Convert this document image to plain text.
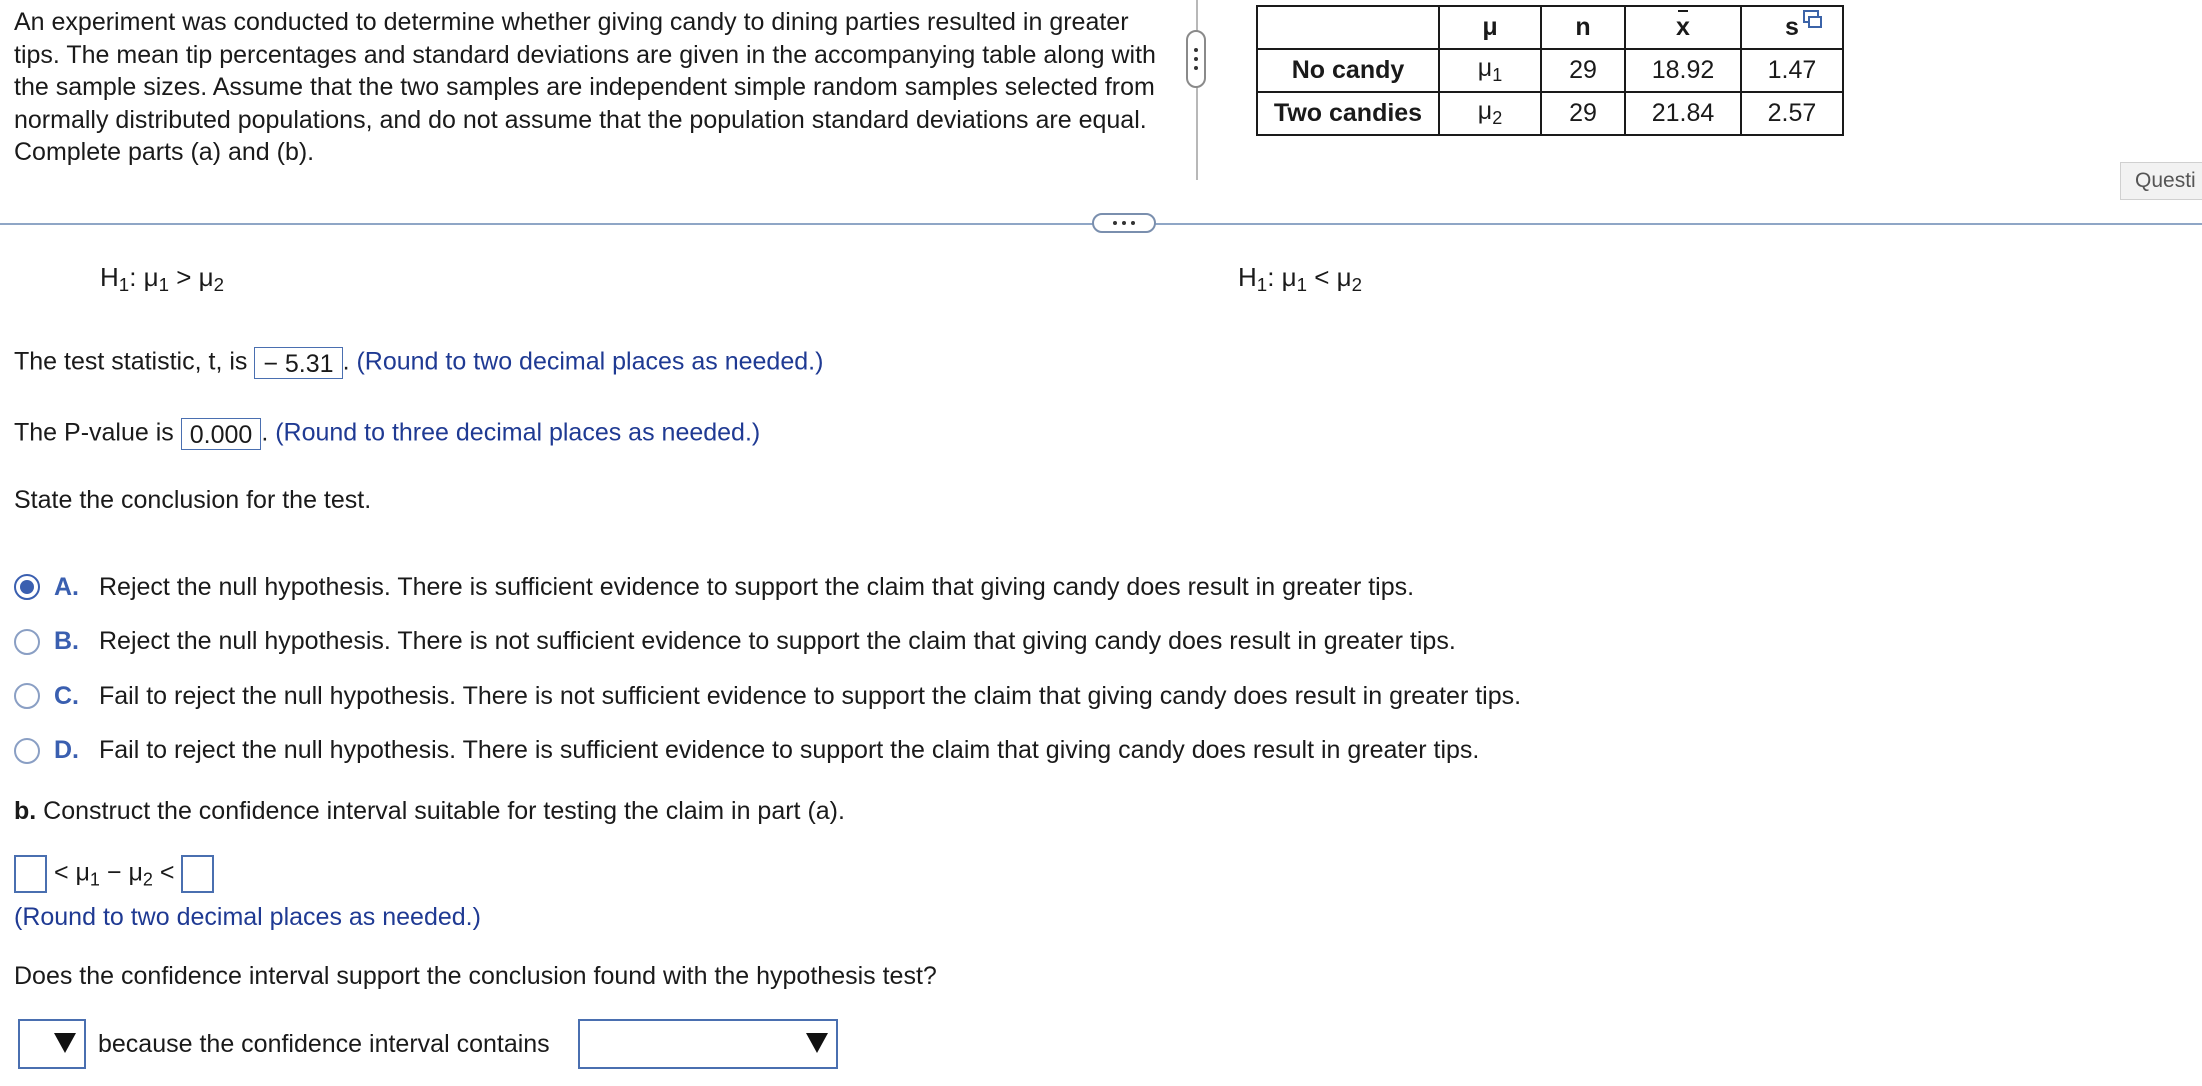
An experiment was conducted to determine whether giving candy to dining parties resulted in greater tips. The mean tip percentages and standard deviations are given in the accompanying table along with the sample sizes. Assume that the two samples are independent simple random samples selected from normally distributed populations, and do not assume that the population standard deviations are equal. Complete parts (a) and (b).
	μ	n	x	s
No candy	$\mu_1$	29	18.92	1.47
Two candies	$\mu_2$	29	21.84	2.57
Questi
$H_1$: $\mu_1 > \mu_2$	$H_1$: $\mu_1 < \mu_2$
The test statistic, t, is − 5.31 . (Round to two decimal places as needed.)
The P-value is 0.000 . (Round to three decimal places as needed.)
State the conclusion for the test.
A. Reject the null hypothesis. There is sufficient evidence to support the claim that giving candy does result in greater tips.
B. Reject the null hypothesis. There is not sufficient evidence to support the claim that giving candy does result in greater tips.
C. Fail to reject the null hypothesis. There is not sufficient evidence to support the claim that giving candy does result in greater tips.
D. Fail to reject the null hypothesis. There is sufficient evidence to support the claim that giving candy does result in greater tips.
b. Construct the confidence interval suitable for testing the claim in part (a).
< $\mu_1 - \mu_2$ <
(Round to two decimal places as needed.)
Does the confidence interval support the conclusion found with the hypothesis test?
because the confidence interval contains
